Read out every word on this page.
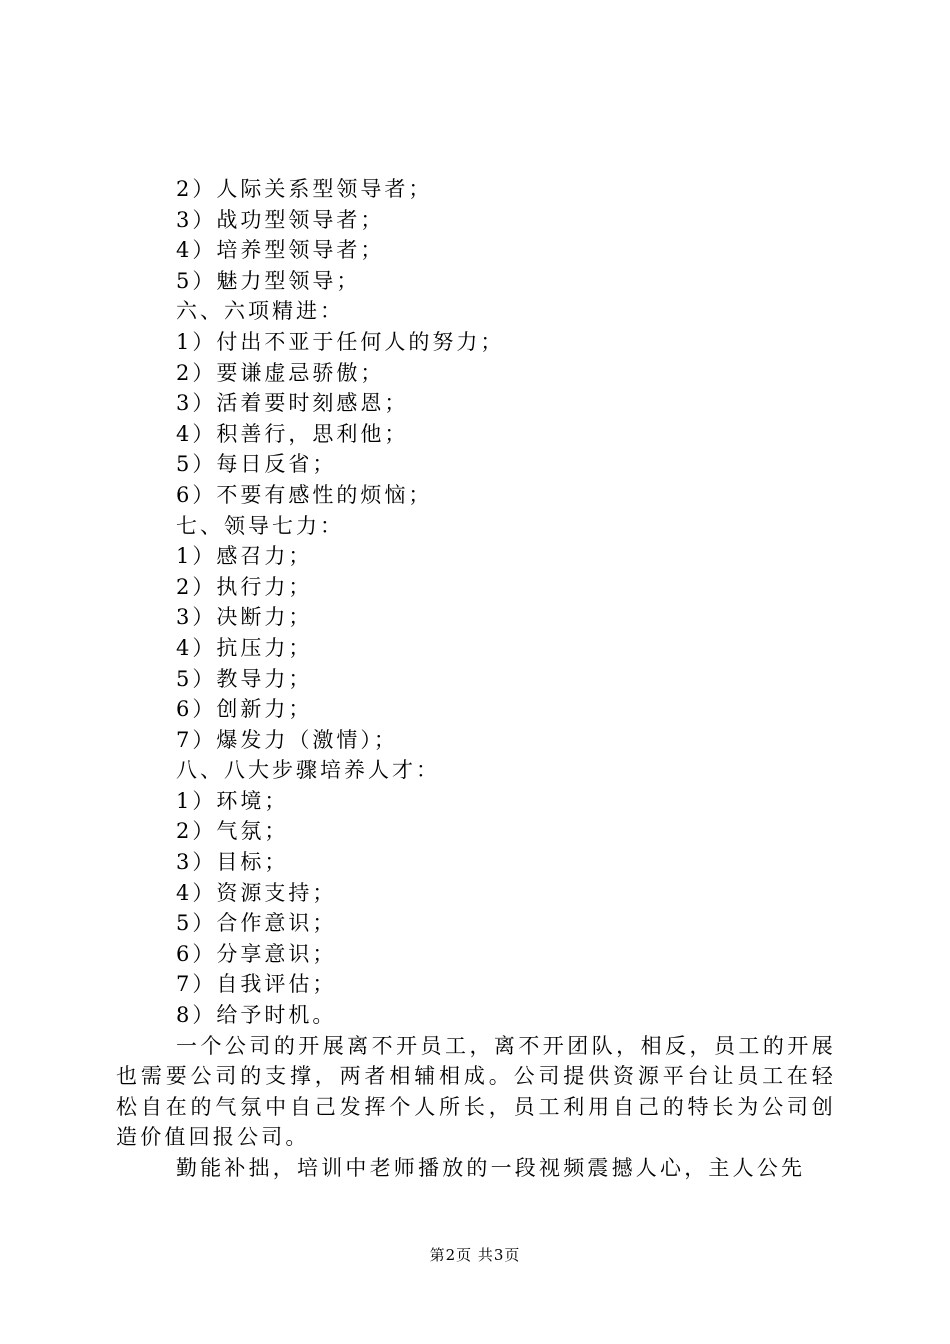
2）人际关系型领导者；

3）战功型领导者；

4）培养型领导者；

5）魅力型领导；

六、六项精进：

1）付出不亚于任何人的努力；

2）要谦虚忌骄傲；

3）活着要时刻感恩；

4）积善行，思利他；

5）每日反省；

6）不要有感性的烦恼；

七、领导七力：

1）感召力；

2）执行力；

3）决断力；

4）抗压力；

5）教导力；

6）创新力；

7）爆发力（激情）；

八、八大步骤培养人才：

1）环境；

2）气氛；

3）目标；

4）资源支持；

5）合作意识；

6）分享意识；

7）自我评估；

8）给予时机。

一个公司的开展离不开员工，离不开团队，相反，员工的开展也需要公司的支撑，两者相辅相成。公司提供资源平台让员工在轻松自在的气氛中自己发挥个人所长，员工利用自己的特长为公司创造价值回报公司。

勤能补拙，培训中老师播放的一段视频震撼人心，主人公先

第2页 共3页
